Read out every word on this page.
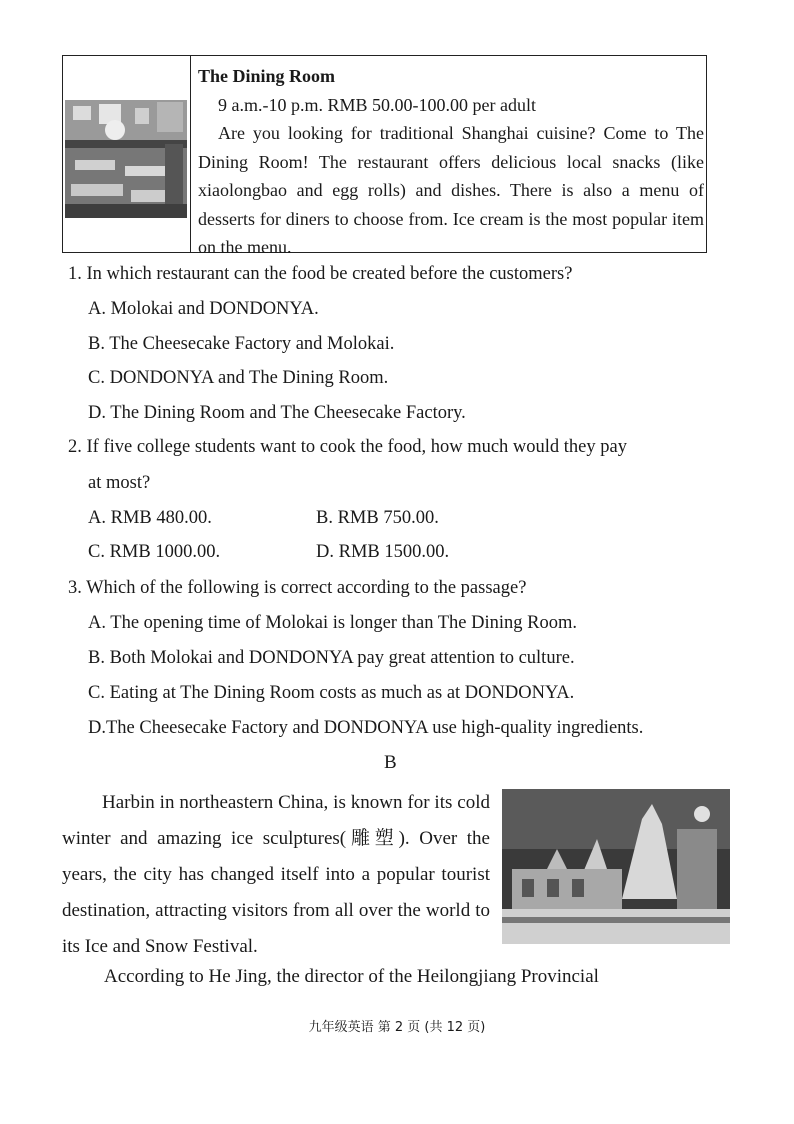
The Dining Room
9 a.m.-10 p.m. RMB 50.00-100.00 per adult
Are you looking for traditional Shanghai cuisine? Come to The Dining Room! The restaurant offers delicious local snacks (like xiaolongbao and egg rolls) and dishes. There is also a menu of desserts for diners to choose from. Ice cream is the most popular item on the menu.
1. In which restaurant can the food be created before the customers?
A. Molokai and DONDONYA.
B. The Cheesecake Factory and Molokai.
C. DONDONYA and The Dining Room.
D. The Dining Room and The Cheesecake Factory.
2. If five college students want to cook the food, how much would they pay
at most?
A. RMB 480.00.	B. RMB 750.00.
C. RMB 1000.00.	D. RMB 1500.00.
3. Which of the following is correct according to the passage?
A. The opening time of Molokai is longer than The Dining Room.
B. Both Molokai and DONDONYA pay great attention to culture.
C. Eating at The Dining Room costs as much as at DONDONYA.
D.The Cheesecake Factory and DONDONYA use high-quality ingredients.
B
Harbin in northeastern China, is known for its cold winter and amazing ice sculptures(雕塑). Over the years, the city has changed itself into a popular tourist destination, attracting visitors from all over the world to its Ice and Snow Festival.
According to He Jing, the director of the Heilongjiang Provincial
九年级英语 第 2 页 (共 12 页)
